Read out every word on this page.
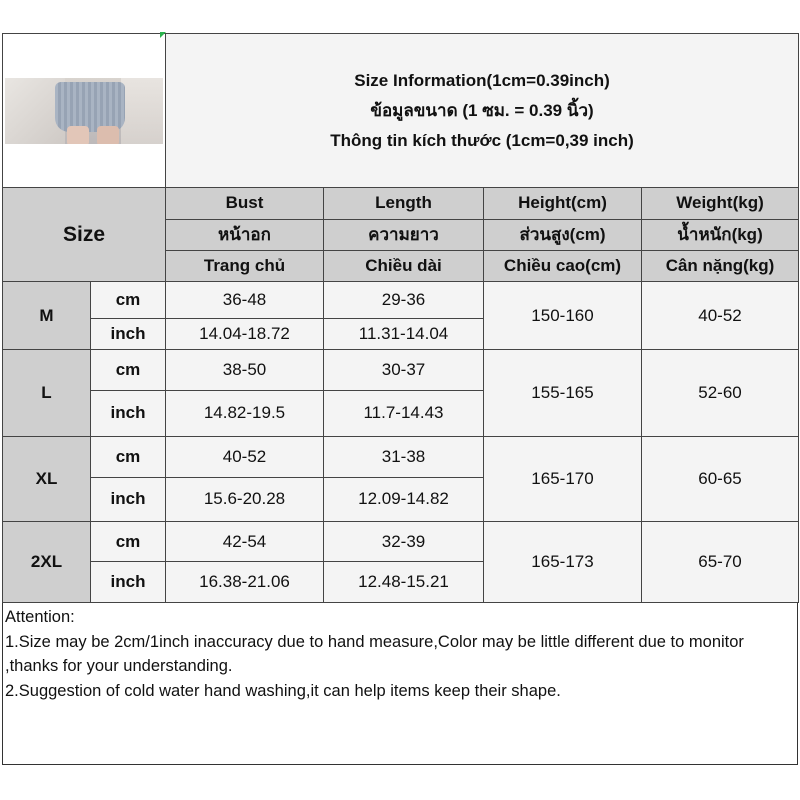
		Size Information(1cm=0.39inch)
ข้อมูลขนาด (1 ซม. = 0.39 นิ้ว)
Thông tin kích thước (1cm=0,39 inch)			

Size		Bust	Length	Height(cm)	Weight(kg)
		หน้าอก	ความยาว	ส่วนสูง(cm)	น้ำหนัก(kg)
		Trang chủ	Chiều dài	Chiều cao(cm)	Cân nặng(kg)
M	cm	36-48	29-36	150-160	40-52
	inch	14.04-18.72	11.31-14.04		
L	cm	38-50	30-37	155-165	52-60
	inch	14.82-19.5	11.7-14.43		
XL	cm	40-52	31-38	165-170	60-65
	inch	15.6-20.28	12.09-14.82		
2XL	cm	42-54	32-39	165-173	65-70
	inch	16.38-21.06	12.48-15.21		
Attention:
1.Size may be 2cm/1inch inaccuracy due to hand measure,Color may be little different due to monitor ,thanks for your understanding.
2.Suggestion of cold water hand washing,it can help items keep their shape.
